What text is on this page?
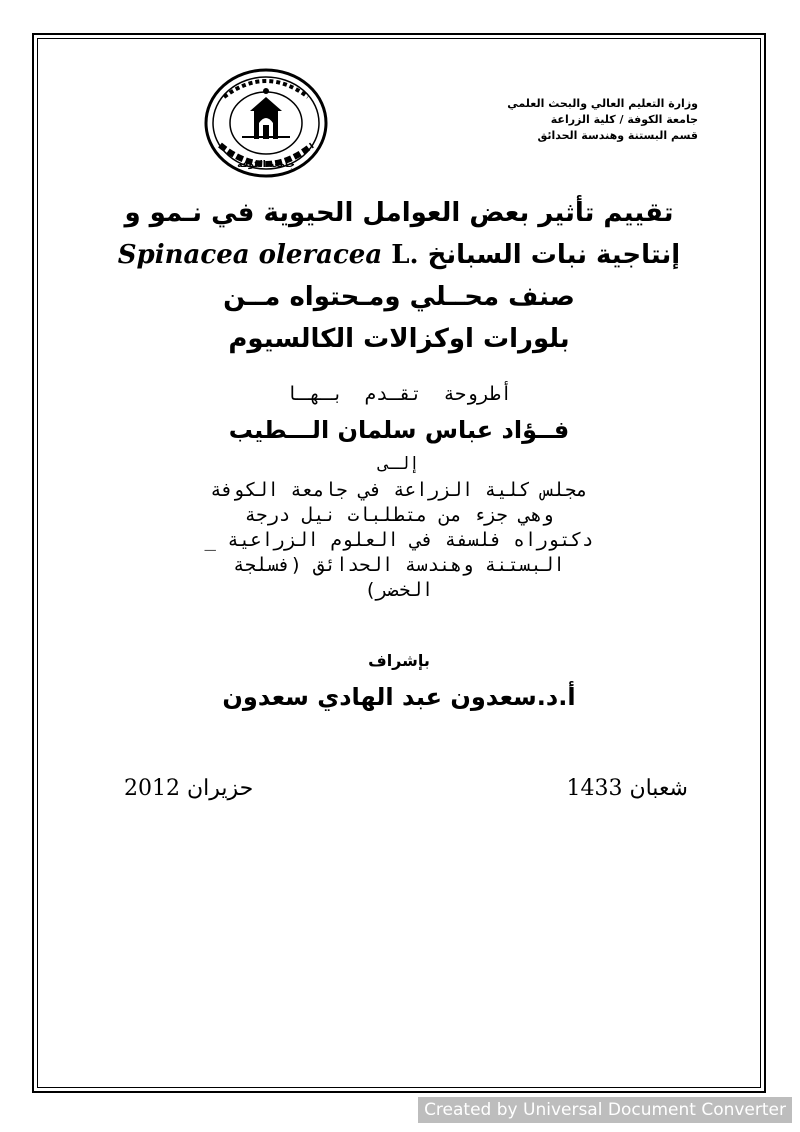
جامعة الكوفة
وزارة التعليم العالي والبحث العلمي
جامعة الكوفة / كلية الزراعة
قسم البستنة وهندسة الحدائق
تقييم تأثير بعض العوامل الحيوية في نـمو و
إنتاجية نبات السبانخ Spinacea oleracea L.
صنف محــلي ومـحتواه مــن
بلورات اوكزالات الكالسيوم
أطروحة تقـدم بـهـا
فــؤاد عباس سلمان الـــطيب
إلـى
مجلس كلية الزراعة في جامعة الكوفة
وهي جزء من متطلبات نيل درجة
دكتوراه فلسفة في العلوم الزراعية _
البستنة وهندسة الحدائق (فسلجة
الخضر)
بإشراف
أ.د.سعدون عبد الهادي سعدون
شعبان 1433
حزيران 2012
Created by Universal Document Converter
